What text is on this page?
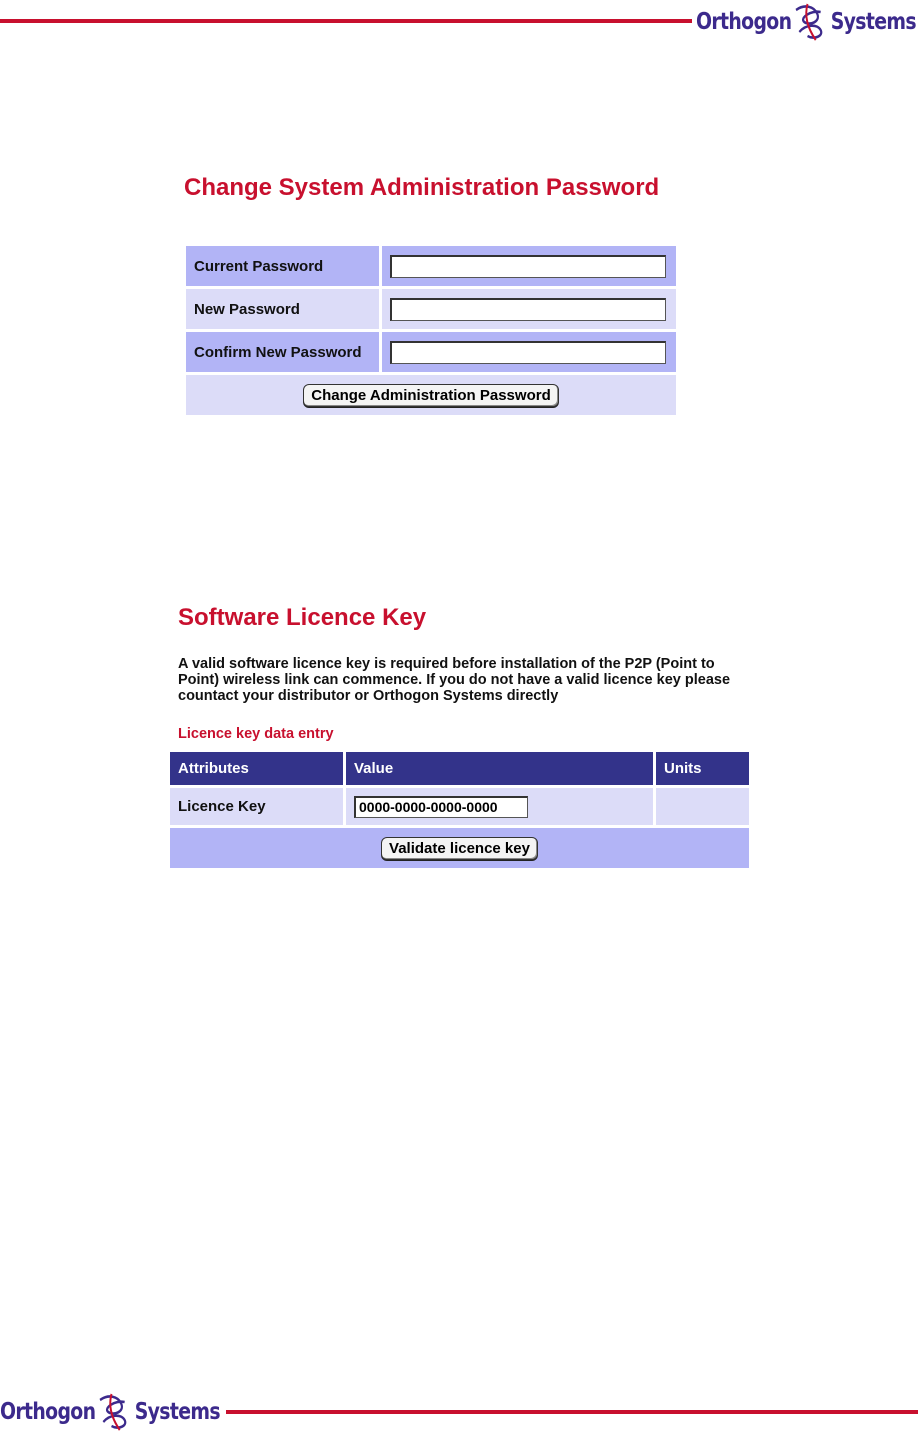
Orthogon Systems
Change System Administration Password
Current Password
New Password
Confirm New Password
Change Administration Password
Software Licence Key
A valid software licence key is required before installation of the P2P (Point to Point) wireless link can commence. If you do not have a valid licence key please countact your distributor or Orthogon Systems directly
Licence key data entry
Attributes	Value	Units
Licence Key
0000-0000-0000-0000
Validate licence key
Orthogon Systems
